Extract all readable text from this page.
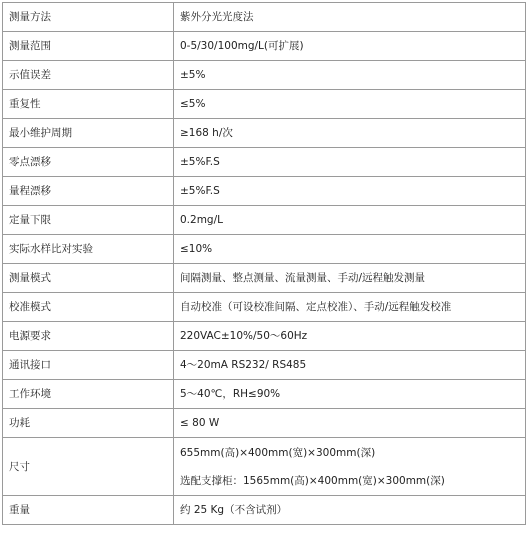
测量方法	紫外分光光度法
测量范围	0-5/30/100mg/L(可扩展)
示值误差	±5%
重复性	≤5%
最小维护周期	≥168 h/次
零点漂移	±5%F.S
量程漂移	±5%F.S
定量下限	0.2mg/L
实际水样比对实验	≤10%
测量模式	间隔测量、整点测量、流量测量、手动/远程触发测量
校准模式	自动校准（可设校准间隔、定点校准）、手动/远程触发校准
电源要求	220VAC±10%/50～60Hz
通讯接口	4～20mA RS232/ RS485
工作环境	5～40℃，RH≤90%
功耗	≤ 80 W
尺寸	655mm(高)×400mm(宽)×300mm(深)
选配支撑柜：1565mm(高)×400mm(宽)×300mm(深)

重量	约 25 Kg（不含试剂）
